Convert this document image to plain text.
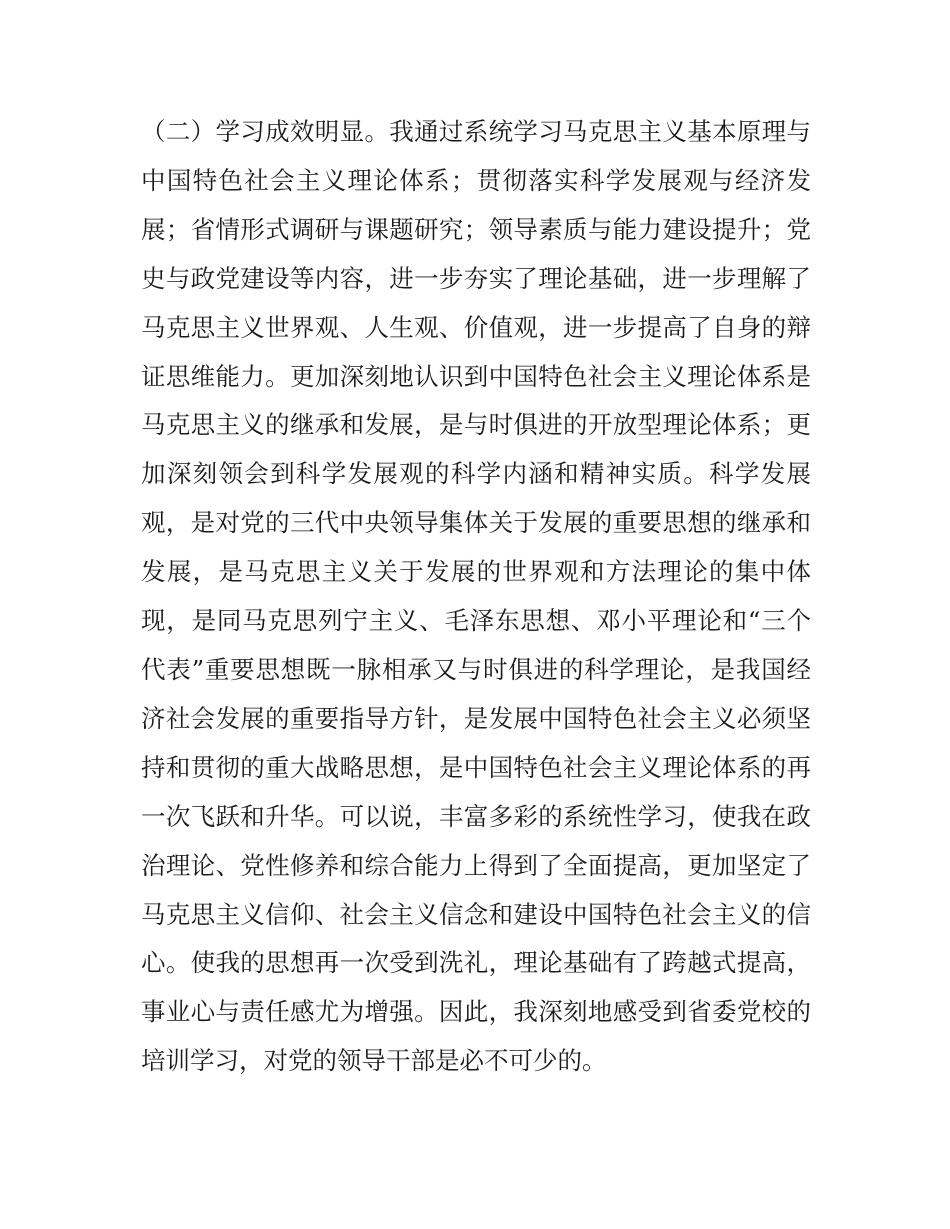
（二）学习成效明显。我通过系统学习马克思主义基本原理与
中国特色社会主义理论体系；贯彻落实科学发展观与经济发
展；省情形式调研与课题研究；领导素质与能力建设提升；党
史与政党建设等内容，进一步夯实了理论基础，进一步理解了
马克思主义世界观、人生观、价值观，进一步提高了自身的辩
证思维能力。更加深刻地认识到中国特色社会主义理论体系是
马克思主义的继承和发展，是与时俱进的开放型理论体系；更
加深刻领会到科学发展观的科学内涵和精神实质。科学发展
观，是对党的三代中央领导集体关于发展的重要思想的继承和
发展，是马克思主义关于发展的世界观和方法理论的集中体
现，是同马克思列宁主义、毛泽东思想、邓小平理论和“三个
代表”重要思想既一脉相承又与时俱进的科学理论，是我国经
济社会发展的重要指导方针，是发展中国特色社会主义必须坚
持和贯彻的重大战略思想，是中国特色社会主义理论体系的再
一次飞跃和升华。可以说，丰富多彩的系统性学习，使我在政
治理论、党性修养和综合能力上得到了全面提高，更加坚定了
马克思主义信仰、社会主义信念和建设中国特色社会主义的信
心。使我的思想再一次受到洗礼，理论基础有了跨越式提高，
事业心与责任感尤为增强。因此，我深刻地感受到省委党校的
培训学习，对党的领导干部是必不可少的。
